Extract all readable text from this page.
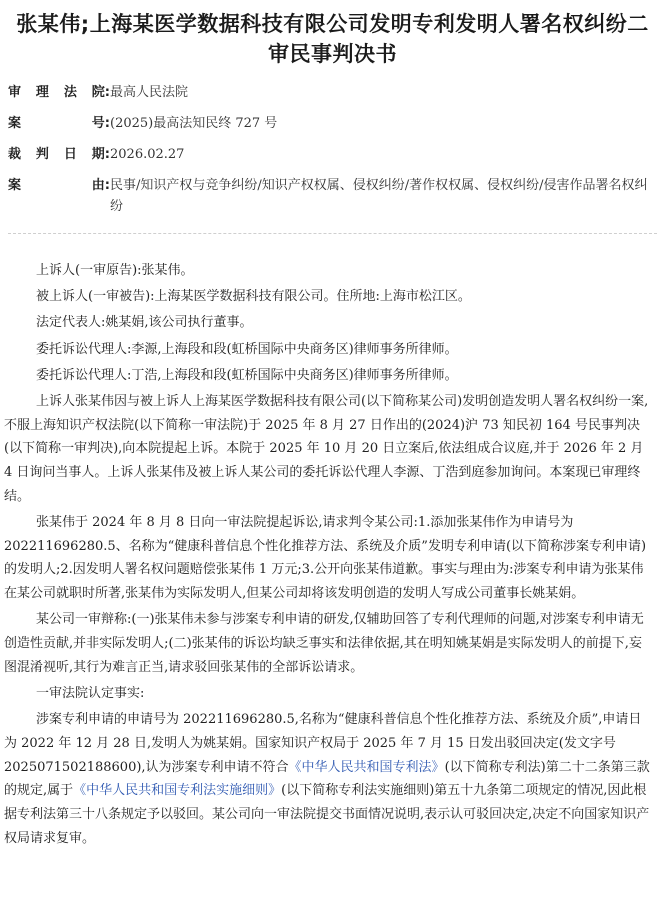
张某伟;上海某医学数据科技有限公司发明专利发明人署名权纠纷二审民事判决书
审 理 法 院: 最高人民法院
案	号: (2025)最高法知民终 727 号
裁 判 日 期: 2026.02.27
案	由: 民事/知识产权与竞争纠纷/知识产权权属、侵权纠纷/著作权权属、侵权纠纷/侵害作品署名权纠纷

上诉人(一审原告):张某伟。

被上诉人(一审被告):上海某医学数据科技有限公司。住所地:上海市松江区。

法定代表人:姚某娟,该公司执行董事。

委托诉讼代理人:李源,上海段和段(虹桥国际中央商务区)律师事务所律师。

委托诉讼代理人:丁浩,上海段和段(虹桥国际中央商务区)律师事务所律师。

上诉人张某伟因与被上诉人上海某医学数据科技有限公司(以下简称某公司)发明创造发明人署名权纠纷一案,不服上海知识产权法院(以下简称一审法院)于 2025 年 8 月 27 日作出的(2024)沪 73 知民初 164 号民事判决(以下简称一审判决),向本院提起上诉。本院于 2025 年 10 月 20 日立案后,依法组成合议庭,并于 2026 年 2 月 4 日询问当事人。上诉人张某伟及被上诉人某公司的委托诉讼代理人李源、丁浩到庭参加询问。本案现已审理终结。

张某伟于 2024 年 8 月 8 日向一审法院提起诉讼,请求判令某公司:1.添加张某伟作为申请号为202211696280.5、名称为“健康科普信息个性化推荐方法、系统及介质”发明专利申请(以下简称涉案专利申请)的发明人;2.因发明人署名权问题赔偿张某伟 1 万元;3.公开向张某伟道歉。事实与理由为:涉案专利申请为张某伟在某公司就职时所著,张某伟为实际发明人,但某公司却将该发明创造的发明人写成公司董事长姚某娟。

某公司一审辩称:(一)张某伟未参与涉案专利申请的研发,仅辅助回答了专利代理师的问题,对涉案专利申请无创造性贡献,并非实际发明人;(二)张某伟的诉讼均缺乏事实和法律依据,其在明知姚某娟是实际发明人的前提下,妄图混淆视听,其行为难言正当,请求驳回张某伟的全部诉讼请求。

一审法院认定事实:

涉案专利申请的申请号为 202211696280.5,名称为“健康科普信息个性化推荐方法、系统及介质”,申请日为 2022 年 12 月 28 日,发明人为姚某娟。国家知识产权局于 2025 年 7 月 15 日发出驳回决定(发文字号 2025071502188600),认为涉案专利申请不符合《中华人民共和国专利法》(以下简称专利法)第二十二条第三款的规定,属于《中华人民共和国专利法实施细则》(以下简称专利法实施细则)第五十九条第二项规定的情况,因此根据专利法第三十八条规定予以驳回。某公司向一审法院提交书面情况说明,表示认可驳回决定,决定不向国家知识产权局请求复审。
